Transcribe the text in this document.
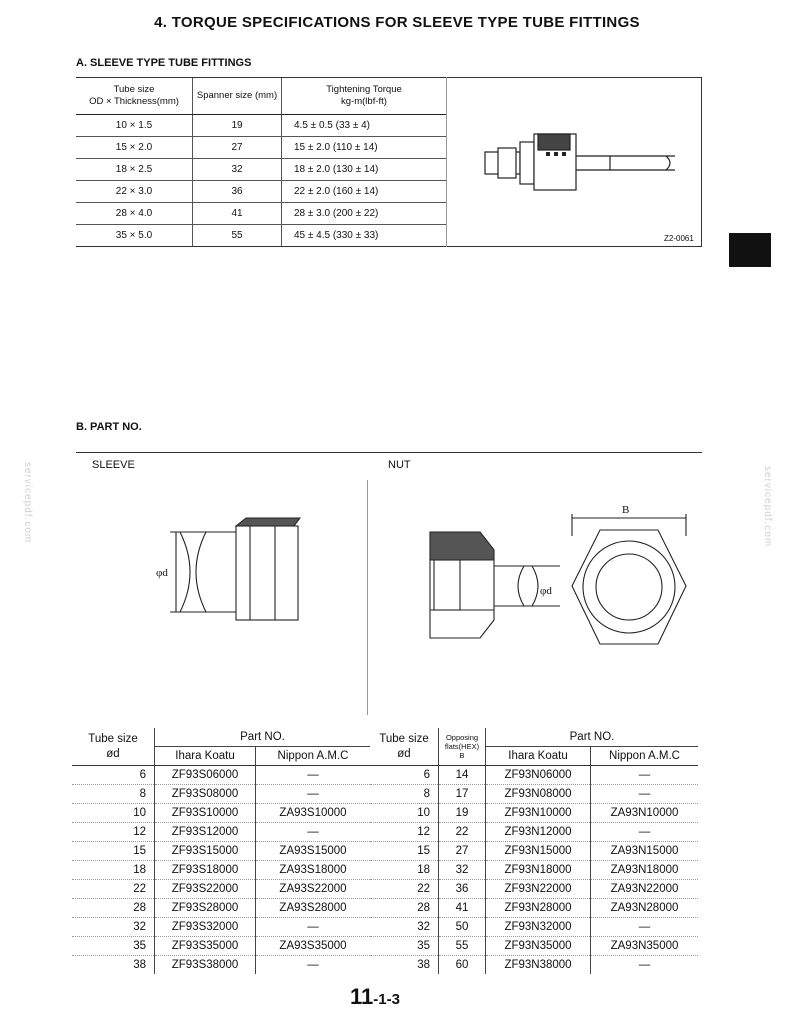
4. TORQUE SPECIFICATIONS FOR SLEEVE TYPE TUBE FITTINGS
A. SLEEVE TYPE TUBE FITTINGS
Tube size
OD × Thickness(mm)	Spanner size (mm)	Tightening Torque
kg-m(lbf-ft)
10 × 1.5	19	4.5 ± 0.5 (33 ± 4)
15 × 2.0	27	15 ± 2.0 (110 ± 14)
18 × 2.5	32	18 ± 2.0 (130 ± 14)
22 × 3.0	36	22 ± 2.0 (160 ± 14)
28 × 4.0	41	28 ± 3.0 (200 ± 22)
35 × 5.0	55	45 ± 4.5 (330 ± 33)	Z2-0061
B. PART NO.
SLEEVE	NUT
φd
φd
B
Tube size
ød	Part NO.	
	Ihara Koatu	Nippon A.M.C
6	ZF93S06000	—
8	ZF93S08000	—
10	ZF93S10000	ZA93S10000
12	ZF93S12000	—
15	ZF93S15000	ZA93S15000
18	ZF93S18000	ZA93S18000
22	ZF93S22000	ZA93S22000
28	ZF93S28000	ZA93S28000
32	ZF93S32000	—
35	ZF93S35000	ZA93S35000
38	ZF93S38000	—
Tube size
ød	Opposing
flats(HEX)
B	Part NO.	
		Ihara Koatu	Nippon A.M.C
6	14	ZF93N06000	—
8	17	ZF93N08000	—
10	19	ZF93N10000	ZA93N10000
12	22	ZF93N12000	—
15	27	ZF93N15000	ZA93N15000
18	32	ZF93N18000	ZA93N18000
22	36	ZF93N22000	ZA93N22000
28	41	ZF93N28000	ZA93N28000
32	50	ZF93N32000	—
35	55	ZF93N35000	ZA93N35000
38	60	ZF93N38000	—
servicepdf.com	servicepdf.com
11-1-3
